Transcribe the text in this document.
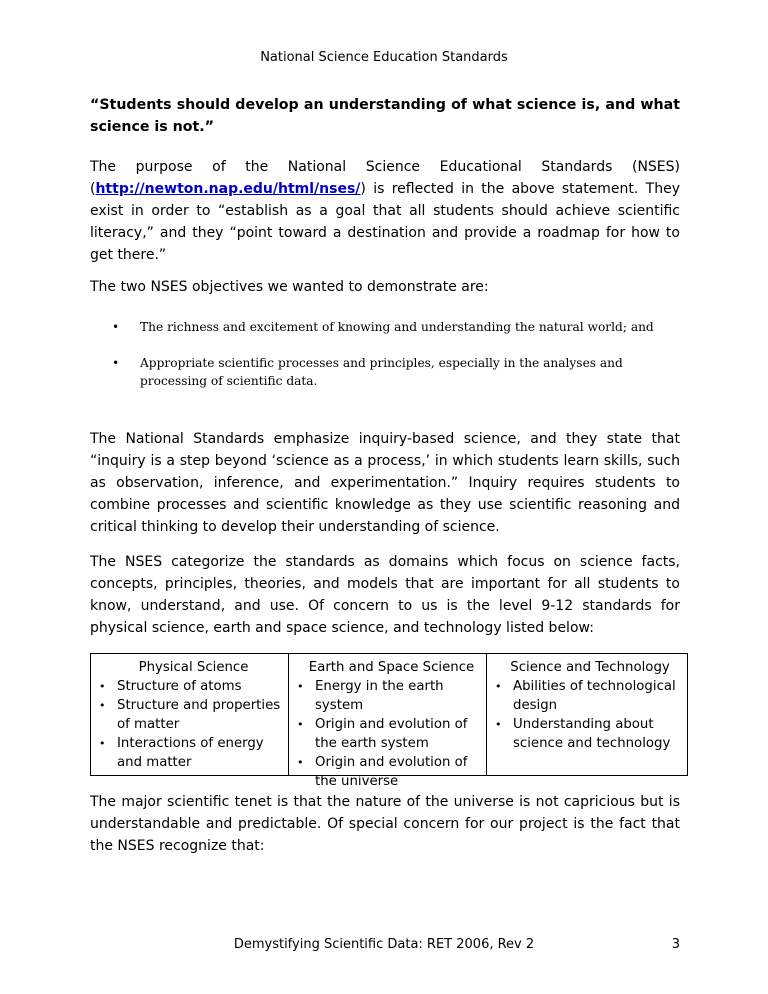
National Science Education Standards
“Students should develop an understanding of what science is, and what science is not.”
The purpose of the National Science Educational Standards (NSES) (http://newton.nap.edu/html/nses/) is reflected in the above statement. They exist in order to “establish as a goal that all students should achieve scientific literacy,” and they “point toward a destination and provide a roadmap for how to get there.”
The two NSES objectives we wanted to demonstrate are:
• The richness and excitement of knowing and understanding the natural world; and
• Appropriate scientific processes and principles, especially in the analyses and processing of scientific data.
The National Standards emphasize inquiry-based science, and they state that “inquiry is a step beyond ‘science as a process,’ in which students learn skills, such as observation, inference, and experimentation.” Inquiry requires students to combine processes and scientific knowledge as they use scientific reasoning and critical thinking to develop their understanding of science.
The NSES categorize the standards as domains which focus on science facts, concepts, principles, theories, and models that are important for all students to know, understand, and use. Of concern to us is the level 9-12 standards for physical science, earth and space science, and technology listed below:
Physical Science
• Structure of atoms
• Structure and properties of matter
• Interactions of energy and matter
Earth and Space Science
• Energy in the earth system
• Origin and evolution of the earth system
• Origin and evolution of the universe
Science and Technology
• Abilities of technological design
• Understanding about science and technology
The major scientific tenet is that the nature of the universe is not capricious but is understandable and predictable. Of special concern for our project is the fact that the NSES recognize that:
Demystifying Scientific Data: RET 2006, Rev 2	3
